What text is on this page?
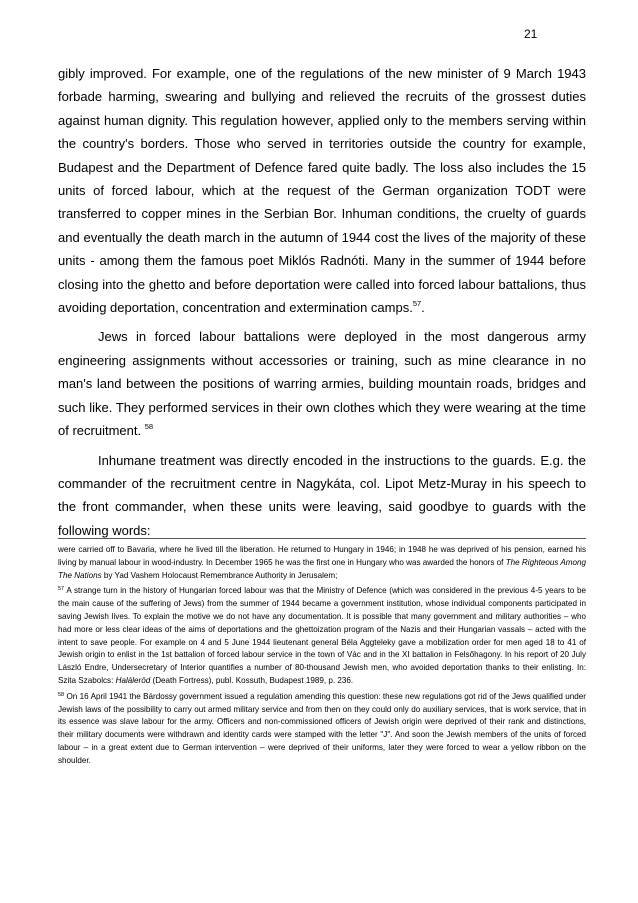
21

gibly improved. For example, one of the regulations of the new minister of 9 March 1943 forbade harming, swearing and bullying and relieved the recruits of the grossest duties against human dignity. This regulation however, applied only to the members serving within the country's borders. Those who served in territories outside the country for example, Budapest and the Department of Defence fared quite badly. The loss also includes the 15 units of forced labour, which at the request of the German organization TODT were transferred to copper mines in the Serbian Bor. Inhuman conditions, the cruelty of guards and eventually the death march in the autumn of 1944 cost the lives of the majority of these units - among them the famous poet Miklós Radnóti. Many in the summer of 1944 before closing into the ghetto and before deportation were called into forced labour battalions, thus avoiding deportation, concentration and extermination camps.$^{57}$.

Jews in forced labour battalions were deployed in the most dangerous army engineering assignments without accessories or training, such as mine clearance in no man's land between the positions of warring armies, building mountain roads, bridges and such like. They performed services in their own clothes which they were wearing at the time of recruitment. $^{58}$

Inhumane treatment was directly encoded in the instructions to the guards. E.g. the commander of the recruitment centre in Nagykáta, col. Lipot Metz-Muray in his speech to the front commander, when these units were leaving, said goodbye to guards with the following words:

were carried off to Bavaria, where he lived till the liberation. He returned to Hungary in 1946; in 1948 he was deprived of his pension, earned his living by manual labour in wood-industry. In December 1965 he was the first one in Hungary who was awarded the honors of The Righteous Among The Nations by Yad Vashem Holocaust Remembrance Authority in Jerusalem;

$^{57}$ A strange turn in the history of Hungarian forced labour was that the Ministry of Defence (which was considered in the previous 4-5 years to be the main cause of the suffering of Jews) from the summer of 1944 became a government institution, whose individual components participated in saving Jewish lives. To explain the motive we do not have any documentation. It is possible that many government and military authorities – who had more or less clear ideas of the aims of deportations and the ghettoization program of the Nazis and their Hungarian vassals – acted with the intent to save people. For example on 4 and 5 June 1944 lieutenant general Béla Aggteleky gave a mobilization order for men aged 18 to 41 of Jewish origin to enlist in the 1st battalion of forced labour service in the town of Vác and in the XI battalion in Felsőhagony. In his report of 20 July László Endre, Undersecretary of Interior quantifies a number of 80-thousand Jewish men, who avoided deportation thanks to their enlisting. In: Szita Szabolcs: Haláleröd (Death Fortress), publ. Kossuth, Budapest 1989, p. 236.

$^{58}$ On 16 April 1941 the Bárdossy government issued a regulation amending this question: these new regulations got rid of the Jews qualified under Jewish laws of the possibility to carry out armed military service and from then on they could only do auxiliary services, that is work service, that in its essence was slave labour for the army. Officers and non-commissioned officers of Jewish origin were deprived of their rank and distinctions, their military documents were withdrawn and identity cards were stamped with the letter "J". And soon the Jewish members of the units of forced labour – in a great extent due to German intervention – were deprived of their uniforms, later they were forced to wear a yellow ribbon on the shoulder.
